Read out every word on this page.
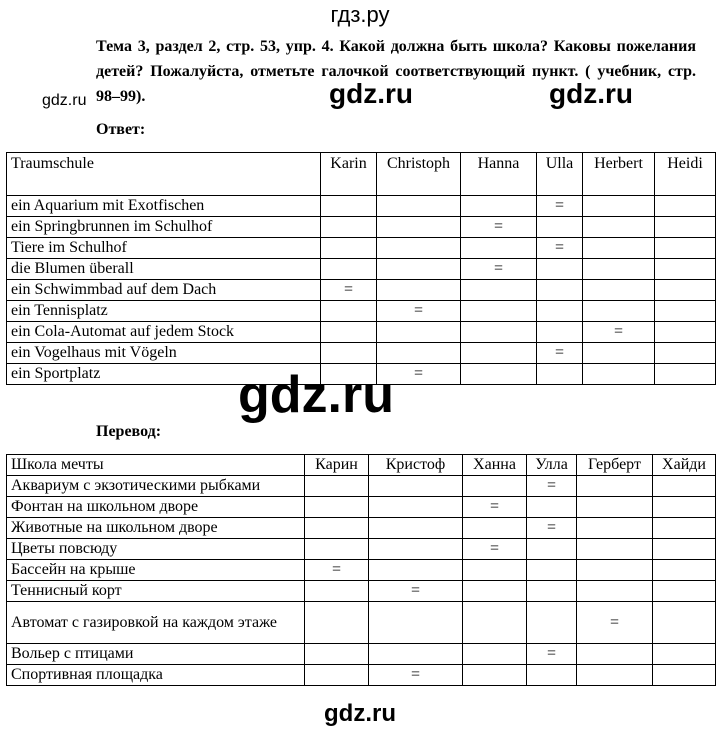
гдз.ру
Тема 3, раздел 2, стр. 53, упр. 4. Какой должна быть школа? Каковы пожелания детей? Пожалуйста, отметьте галочкой соответствующий пункт. ( учебник, стр. 98–99).
gdz.ru	gdz.ru	gdz.ru
Ответ:
Traumschule	Karin	Christoph	Hanna	Ulla	Herbert	Heidi
ein Aquarium mit Exotfischen				=		
ein Springbrunnen im Schulhof			=			
Tiere im Schulhof				=		
die Blumen überall			=			
ein Schwimmbad auf dem Dach	=					
ein Tennisplatz		=				
ein Cola-Automat auf jedem Stock					=	
ein Vogelhaus mit Vögeln				=		
ein Sportplatz		=				
gdz.ru
Перевод:
Школа мечты	Карин	Кристоф	Ханна	Улла	Герберт	Хайди
Аквариум с экзотическими рыбками				=		
Фонтан на школьном дворе			=			
Животные на школьном дворе				=		
Цветы повсюду			=			
Бассейн на крыше	=					
Теннисный корт		=				
Автомат с газировкой на каждом этаже					=	
Вольер с птицами				=		
Спортивная площадка		=				
gdz.ru
